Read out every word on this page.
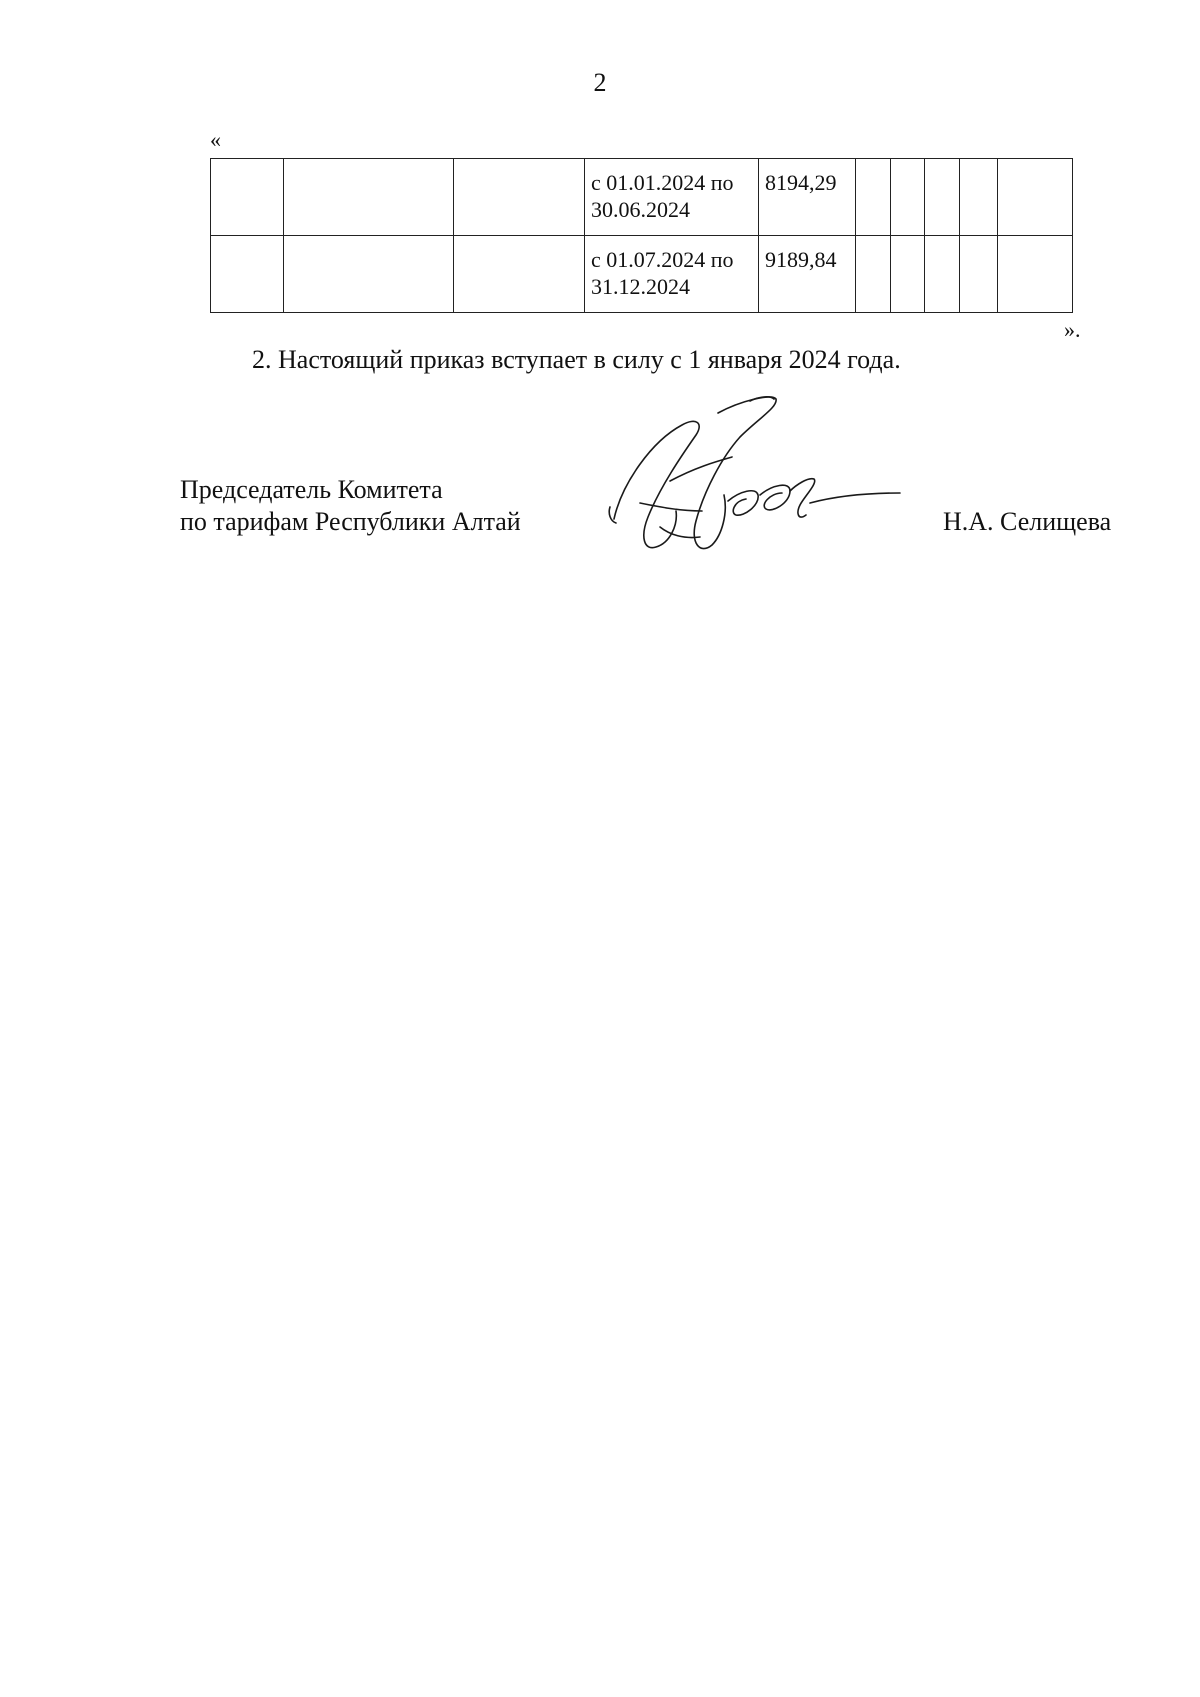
2
«

			с 01.01.2024 по 30.06.2024	8194,29					

			с 01.07.2024 по 31.12.2024	9189,84					

».
2. Настоящий приказ вступает в силу с 1 января 2024 года.
Председатель Комитета
по тарифам Республики Алтай	Н.А. Селищева
